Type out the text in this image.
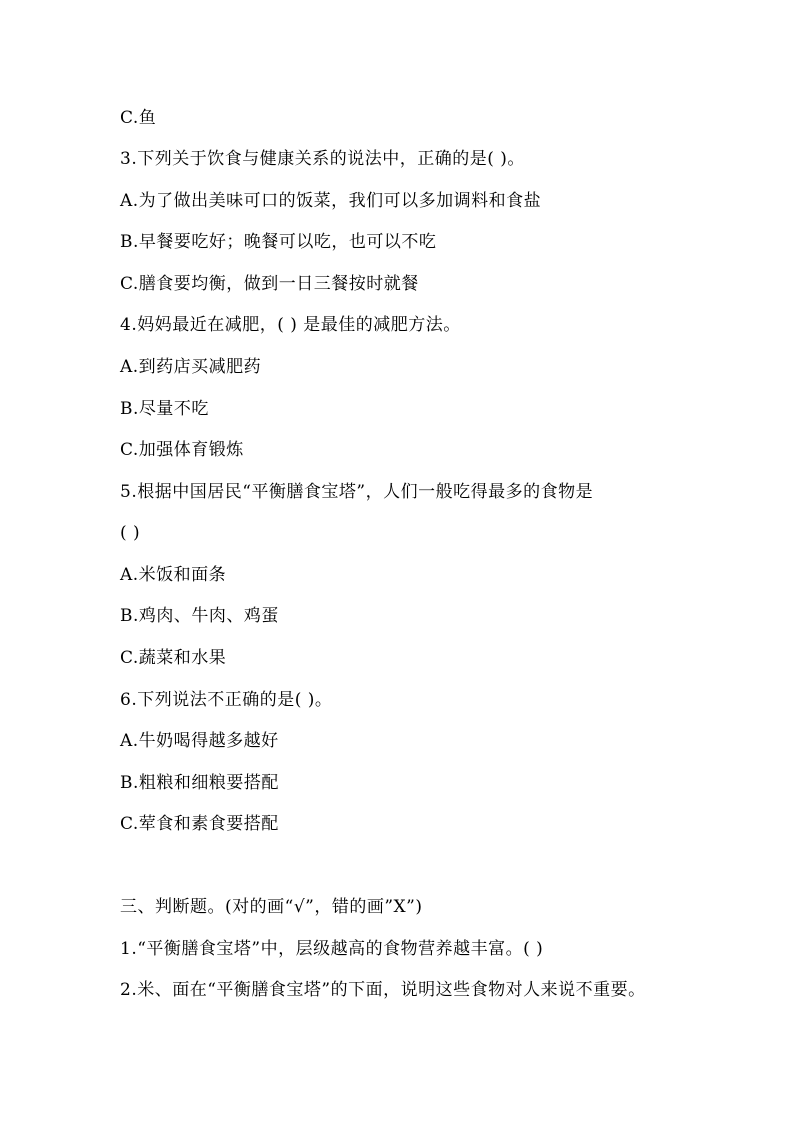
C.鱼
3.下列关于饮食与健康关系的说法中，正确的是( )。
A.为了做出美味可口的饭菜，我们可以多加调料和食盐
B.早餐要吃好；晚餐可以吃，也可以不吃
C.膳食要均衡，做到一日三餐按时就餐
4.妈妈最近在减肥，( ) 是最佳的减肥方法。
A.到药店买减肥药
B.尽量不吃
C.加强体育锻炼
5.根据中国居民“平衡膳食宝塔”，人们一般吃得最多的食物是
( )
A.米饭和面条
B.鸡肉、牛肉、鸡蛋
C.蔬菜和水果
6.下列说法不正确的是( )。
A.牛奶喝得越多越好
B.粗粮和细粮要搭配
C.荤食和素食要搭配
三、判断题。(对的画“√”，错的画”X”)
1.“平衡膳食宝塔”中，层级越高的食物营养越丰富。( )
2.米、面在“平衡膳食宝塔”的下面，说明这些食物对人来说不重要。
